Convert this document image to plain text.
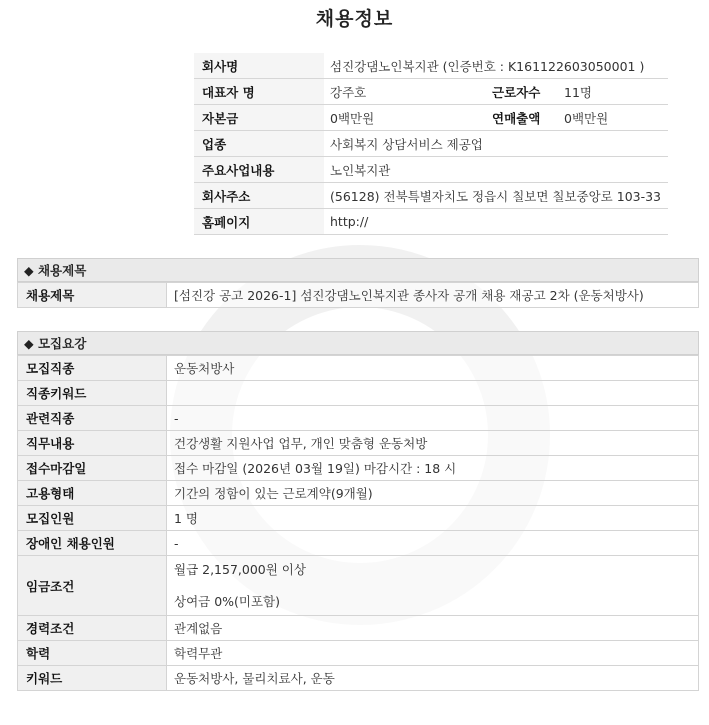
채용정보
회사명	섬진강댐노인복지관 (인증번호 : K161122603050001 )		
대표자 명	강주호	근로자수	11명
자본금	0백만원	연매출액	0백만원
업종	사회복지 상담서비스 제공업		
주요사업내용	노인복지관		
회사주소	(56128) 전북특별자치도 정읍시 칠보면 칠보중앙로 103-33		
홈페이지	http://		
◆ 채용제목
채용제목	[섬진강 공고 2026-1] 섬진강댐노인복지관 종사자 공개 채용 재공고 2차 (운동처방사)
◆ 모집요강
모집직종	운동처방사
직종키워드	
관련직종	-
직무내용	건강생활 지원사업 업무, 개인 맞춤형 운동처방
접수마감일	접수 마감일 (2026년 03월 19일) 마감시간 : 18 시
고용형태	기간의 정함이 있는 근로계약(9개월)
모집인원	1 명
장애인 채용인원	-
임금조건	월급 2,157,000원 이상
상여금 0%(미포함)

경력조건	관계없음
학력	학력무관
키워드	운동처방사, 물리치료사, 운동
